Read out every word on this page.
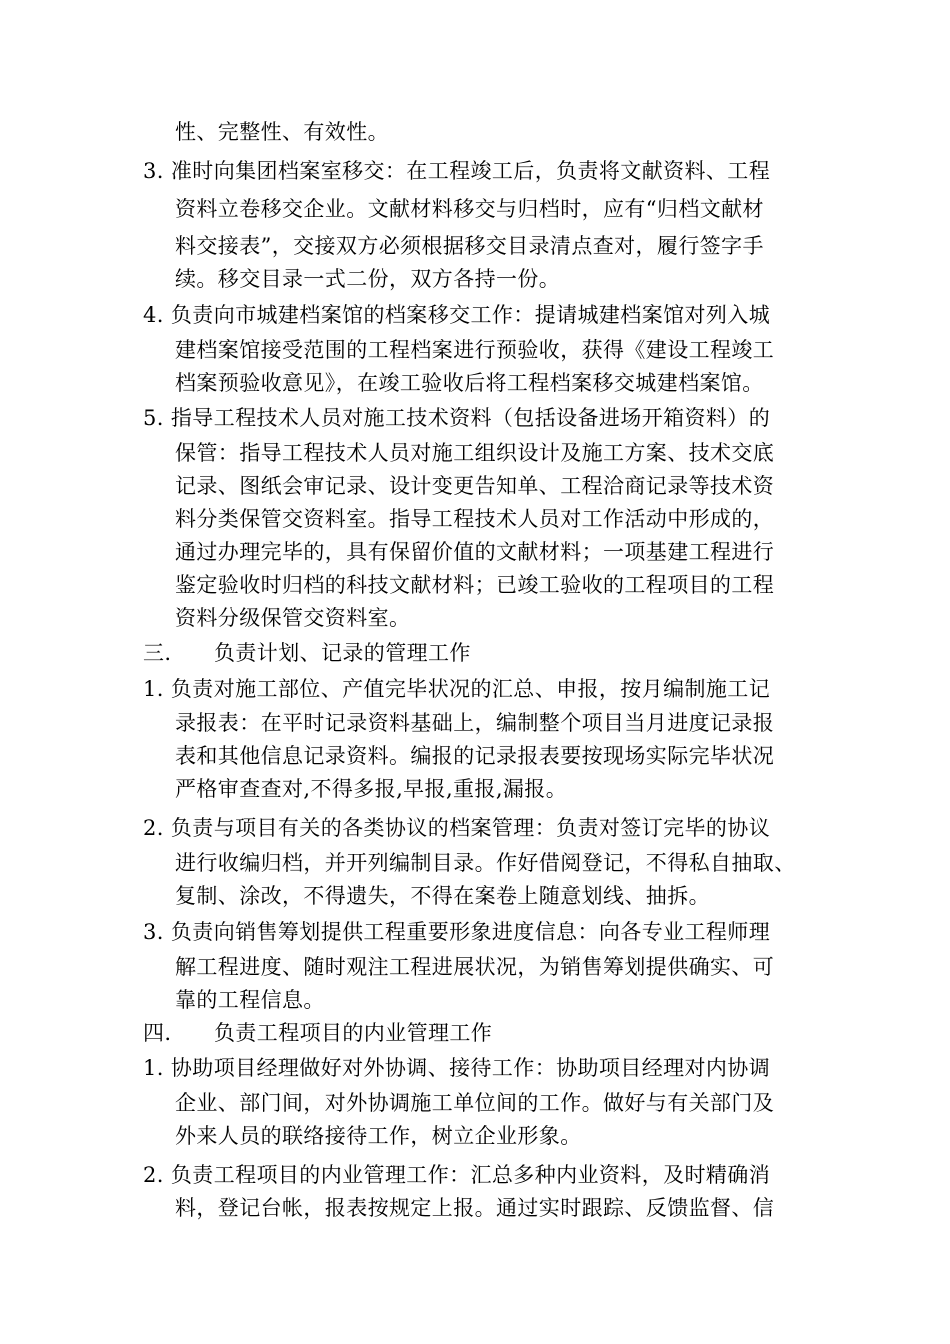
性、完整性、有效性。
3. 准时向集团档案室移交：在工程竣工后，负责将文献资料、工程
资料立卷移交企业。文献材料移交与归档时，应有“归档文献材
料交接表”，交接双方必须根据移交目录清点查对，履行签字手
续。移交目录一式二份，双方各持一份。
4. 负责向市城建档案馆的档案移交工作：提请城建档案馆对列入城
建档案馆接受范围的工程档案进行预验收，获得《建设工程竣工
档案预验收意见》，在竣工验收后将工程档案移交城建档案馆。
5. 指导工程技术人员对施工技术资料（包括设备进场开箱资料）的
保管：指导工程技术人员对施工组织设计及施工方案、技术交底
记录、图纸会审记录、设计变更告知单、工程洽商记录等技术资
料分类保管交资料室。指导工程技术人员对工作活动中形成的，
通过办理完毕的，具有保留价值的文献材料；一项基建工程进行
鉴定验收时归档的科技文献材料；已竣工验收的工程项目的工程
资料分级保管交资料室。
三. 负责计划、记录的管理工作
1. 负责对施工部位、产值完毕状况的汇总、申报，按月编制施工记
录报表：在平时记录资料基础上，编制整个项目当月进度记录报
表和其他信息记录资料。编报的记录报表要按现场实际完毕状况
严格审查查对,不得多报,早报,重报,漏报。
2. 负责与项目有关的各类协议的档案管理：负责对签订完毕的协议
进行收编归档，并开列编制目录。作好借阅登记，不得私自抽取、
复制、涂改，不得遗失，不得在案卷上随意划线、抽拆。
3. 负责向销售筹划提供工程重要形象进度信息：向各专业工程师理
解工程进度、随时观注工程进展状况，为销售筹划提供确实、可
靠的工程信息。
四. 负责工程项目的内业管理工作
1. 协助项目经理做好对外协调、接待工作：协助项目经理对内协调
企业、部门间，对外协调施工单位间的工作。做好与有关部门及
外来人员的联络接待工作，树立企业形象。
2. 负责工程项目的内业管理工作：汇总多种内业资料，及时精确消
料，登记台帐，报表按规定上报。通过实时跟踪、反馈监督、信
